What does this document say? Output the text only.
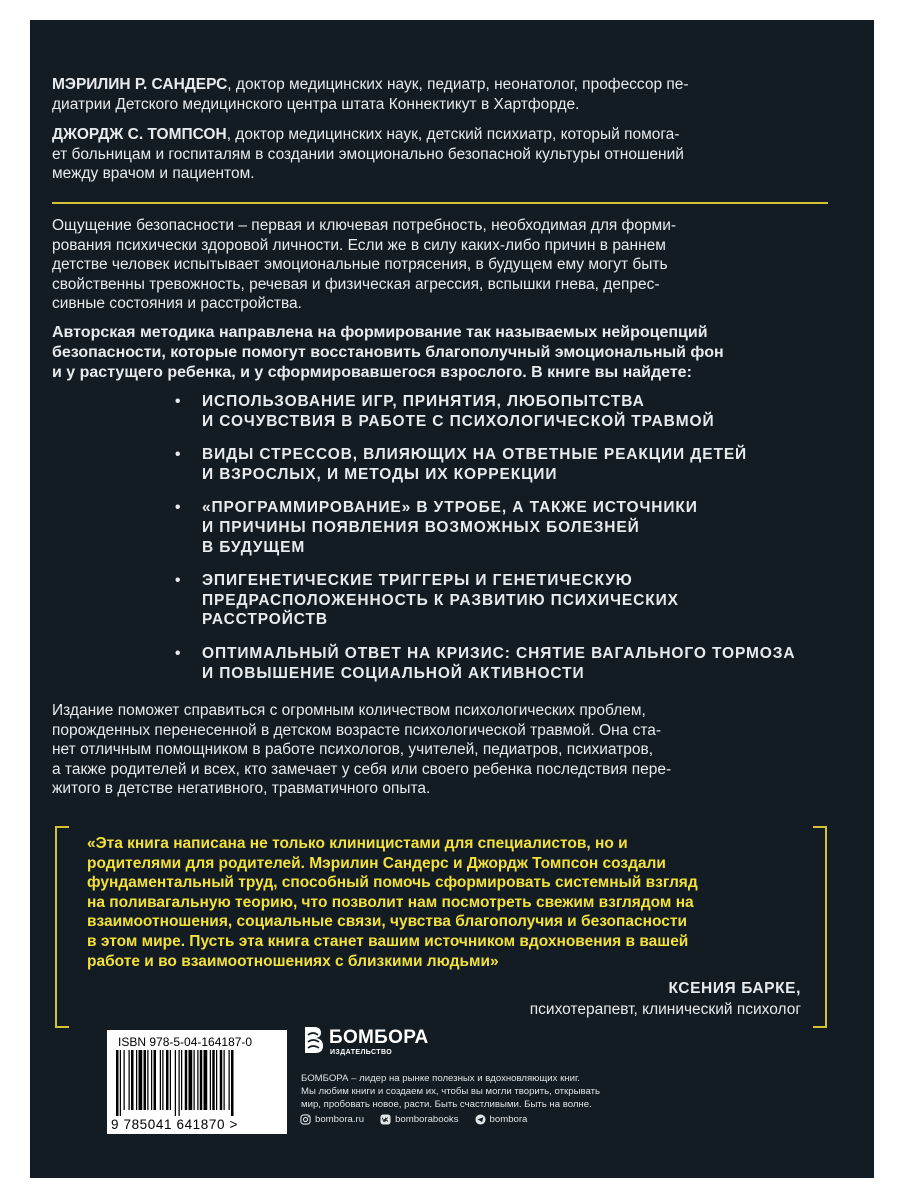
МЭРИЛИН Р. САНДЕРС, доктор медицинских наук, педиатр, неонатолог, профессор пе-
диатрии Детского медицинского центра штата Коннектикут в Хартфорде.

ДЖОРДЖ С. ТОМПСОН, доктор медицинских наук, детский психиатр, который помога-
ет больницам и госпиталям в создании эмоционально безопасной культуры отношений
между врачом и пациентом.

Ощущение безопасности – первая и ключевая потребность, необходимая для форми-
рования психически здоровой личности. Если же в силу каких-либо причин в раннем
детстве человек испытывает эмоциональные потрясения, в будущем ему могут быть
свойственны тревожность, речевая и физическая агрессия, вспышки гнева, депрес-
сивные состояния и расстройства.

Авторская методика направлена на формирование так называемых нейроцепций
безопасности, которые помогут восстановить благополучный эмоциональный фон
и у растущего ребенка, и у сформировавшегося взрослого. В книге вы найдете:

• ИСПОЛЬЗОВАНИЕ ИГР, ПРИНЯТИЯ, ЛЮБОПЫТСТВА
И СОЧУВСТВИЯ В РАБОТЕ С ПСИХОЛОГИЧЕСКОЙ ТРАВМОЙ
• ВИДЫ СТРЕССОВ, ВЛИЯЮЩИХ НА ОТВЕТНЫЕ РЕАКЦИИ ДЕТЕЙ
И ВЗРОСЛЫХ, И МЕТОДЫ ИХ КОРРЕКЦИИ
• «ПРОГРАММИРОВАНИЕ» В УТРОБЕ, А ТАКЖЕ ИСТОЧНИКИ
И ПРИЧИНЫ ПОЯВЛЕНИЯ ВОЗМОЖНЫХ БОЛЕЗНЕЙ
В БУДУЩЕМ
• ЭПИГЕНЕТИЧЕСКИЕ ТРИГГЕРЫ И ГЕНЕТИЧЕСКУЮ
ПРЕДРАСПОЛОЖЕННОСТЬ К РАЗВИТИЮ ПСИХИЧЕСКИХ
РАССТРОЙСТВ
• ОПТИМАЛЬНЫЙ ОТВЕТ НА КРИЗИС: СНЯТИЕ ВАГАЛЬНОГО ТОРМОЗА
И ПОВЫШЕНИЕ СОЦИАЛЬНОЙ АКТИВНОСТИ

Издание поможет справиться с огромным количеством психологических проблем,
порожденных перенесенной в детском возрасте психологической травмой. Она ста-
нет отличным помощником в работе психологов, учителей, педиатров, психиатров,
а также родителей и всех, кто замечает у себя или своего ребенка последствия пере-
житого в детстве негативного, травматичного опыта.

«Эта книга написана не только клиницистами для специалистов, но и
родителями для родителей. Мэрилин Сандерс и Джордж Томпсон создали
фундаментальный труд, способный помочь сформировать системный взгляд
на поливагальную теорию, что позволит нам посмотреть свежим взглядом на
взаимоотношения, социальные связи, чувства благополучия и безопасности
в этом мире. Пусть эта книга станет вашим источником вдохновения в вашей
работе и во взаимоотношениях с близкими людьми»

КСЕНИЯ БАРКЕ,
психотерапевт, клинический психолог
ISBN 978-5-04-164187-0
9 785041 641870 >
БОМБОРА
ИЗДАТЕЛЬСТВО

БОМБОРА – лидер на рынке полезных и вдохновляющих книг.
Мы любим книги и создаем их, чтобы вы могли творить, открывать
мир, пробовать новое, расти. Быть счастливыми. Быть на волне.

bombora.ru	bomborabooks	bombora
